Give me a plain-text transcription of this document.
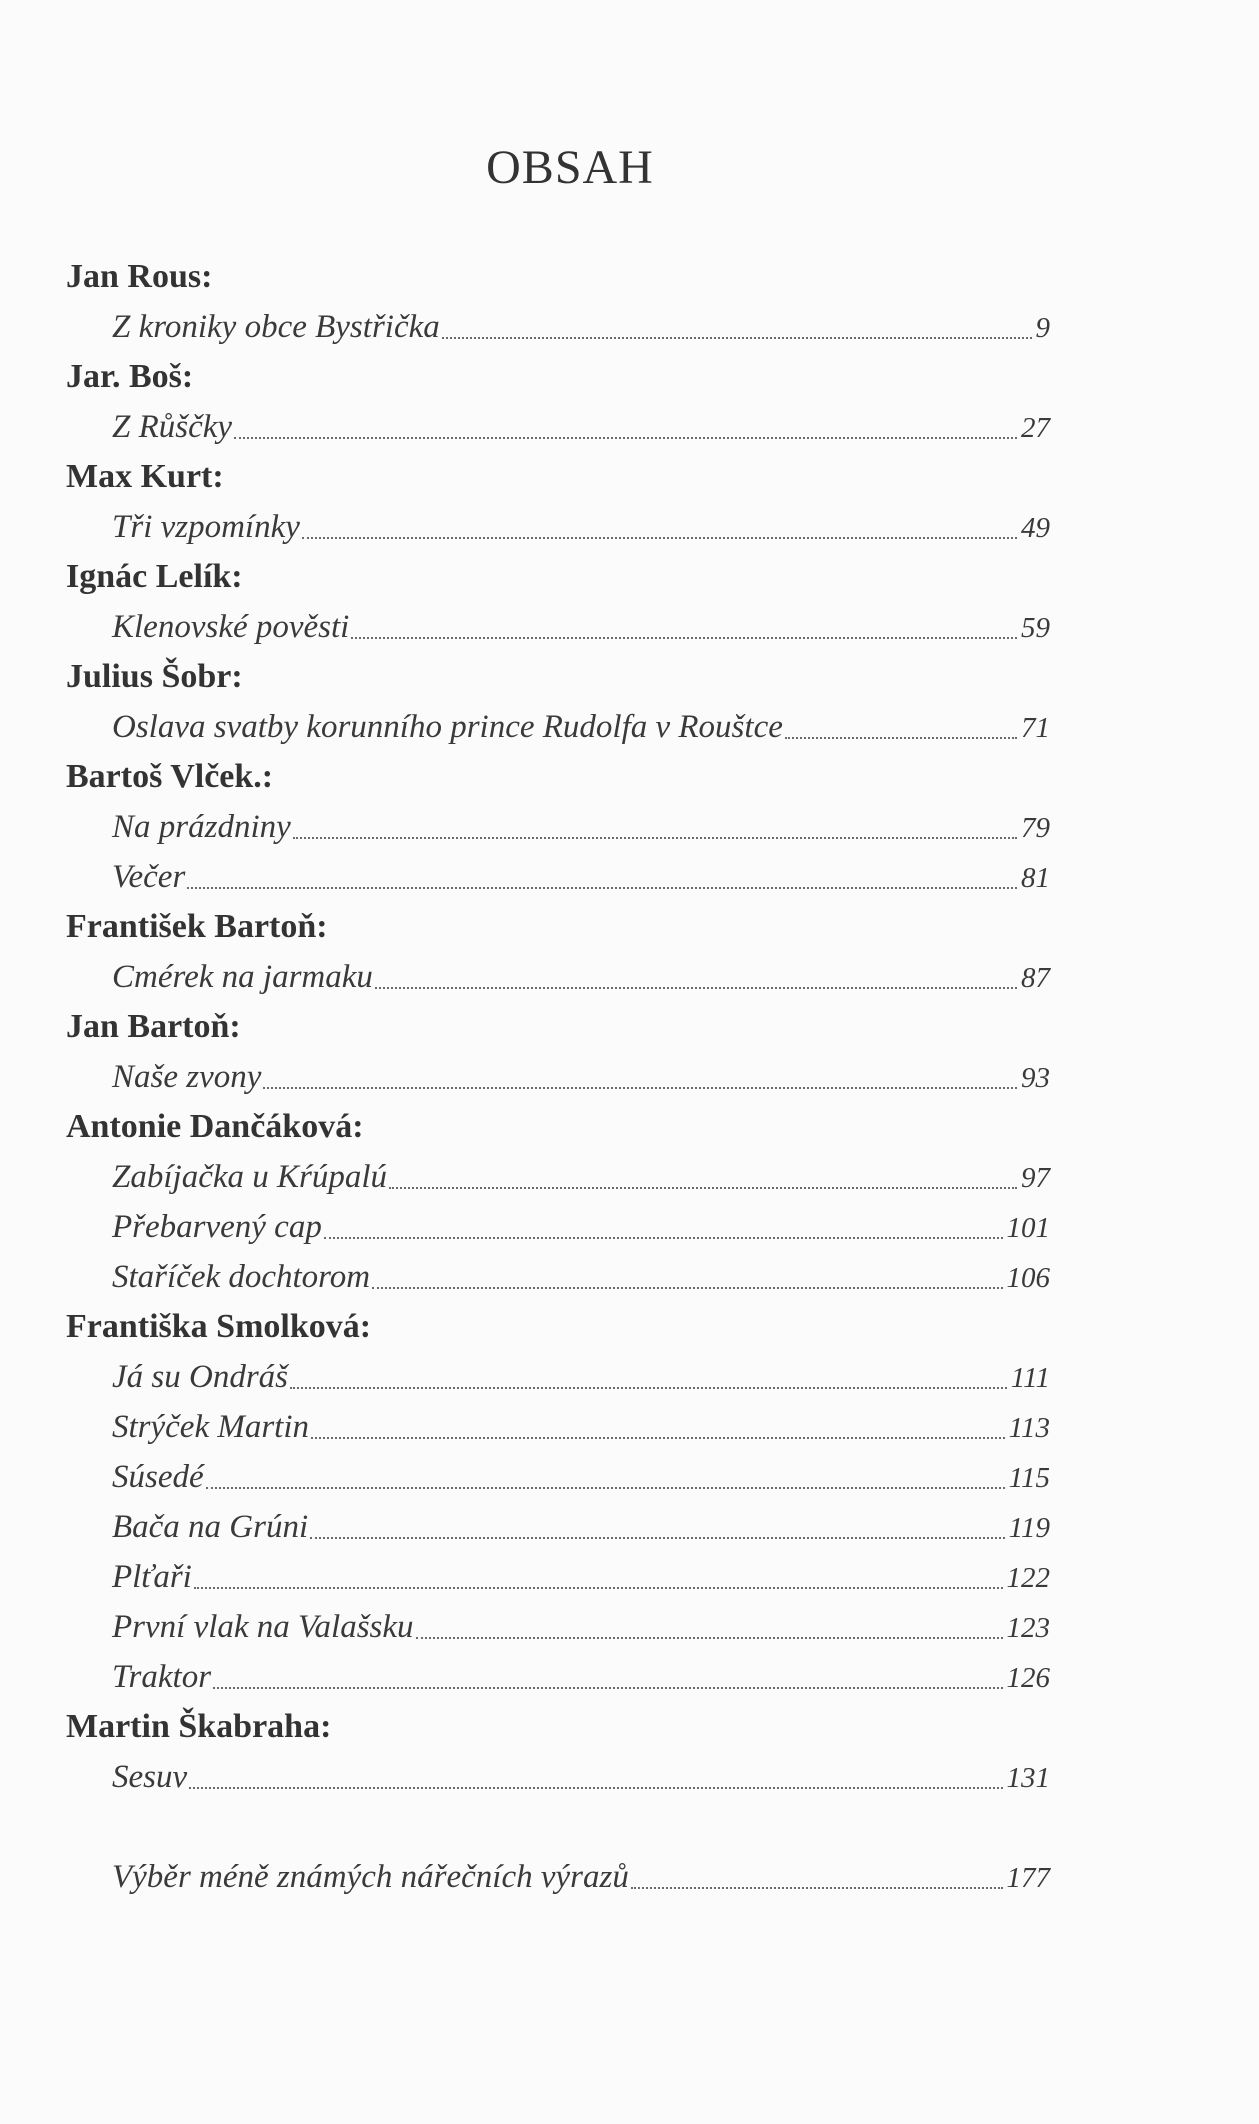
OBSAH
Jan Rous:
Z kroniky obce Bystřička	9
Jar. Boš:
Z Růščky	27
Max Kurt:
Tři vzpomínky	49
Ignác Lelík:
Klenovské pověsti	59
Julius Šobr:
Oslava svatby korunního prince Rudolfa v Rouštce	71
Bartoš Vlček.:
Na prázdniny	79
Večer	81
František Bartoň:
Cmérek na jarmaku	87
Jan Bartoň:
Naše zvony	93
Antonie Dančáková:
Zabíjačka u Kŕúpalú	97
Přebarvený cap	101
Staříček dochtorom	106
Františka Smolková:
Já su Ondráš	111
Strýček Martin	113
Súsedé	115
Bača na Grúni	119
Plťaři	122
První vlak na Valašsku	123
Traktor	126
Martin Škabraha:
Sesuv	131
Výběr méně známých nářečních výrazů	177
